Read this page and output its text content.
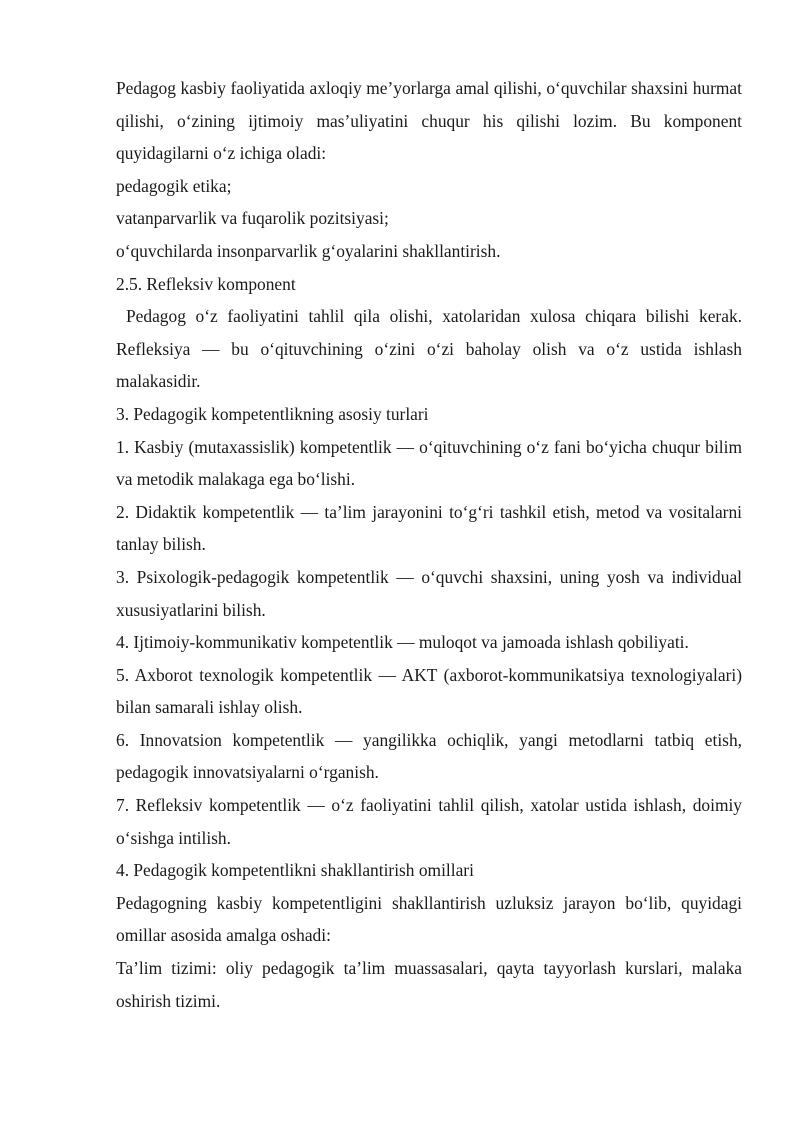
Pedagog kasbiy faoliyatida axloqiy me’yorlarga amal qilishi, o‘quvchilar shaxsini hurmat qilishi, o‘zining ijtimoiy mas’uliyatini chuqur his qilishi lozim. Bu komponent quyidagilarni o‘z ichiga oladi:

pedagogik etika;

vatanparvarlik va fuqarolik pozitsiyasi;

o‘quvchilarda insonparvarlik g‘oyalarini shakllantirish.

2.5. Refleksiv komponent

Pedagog o‘z faoliyatini tahlil qila olishi, xatolaridan xulosa chiqara bilishi kerak. Refleksiya — bu o‘qituvchining o‘zini o‘zi baholay olish va o‘z ustida ishlash malakasidir.

3. Pedagogik kompetentlikning asosiy turlari

1. Kasbiy (mutaxassislik) kompetentlik — o‘qituvchining o‘z fani bo‘yicha chuqur bilim va metodik malakaga ega bo‘lishi.

2. Didaktik kompetentlik — ta’lim jarayonini to‘g‘ri tashkil etish, metod va vositalarni tanlay bilish.

3. Psixologik-pedagogik kompetentlik — o‘quvchi shaxsini, uning yosh va individual xususiyatlarini bilish.

4. Ijtimoiy-kommunikativ kompetentlik — muloqot va jamoada ishlash qobiliyati.

5. Axborot texnologik kompetentlik — AKT (axborot-kommunikatsiya texnologiyalari) bilan samarali ishlay olish.

6. Innovatsion kompetentlik — yangilikka ochiqlik, yangi metodlarni tatbiq etish, pedagogik innovatsiyalarni o‘rganish.

7. Refleksiv kompetentlik — o‘z faoliyatini tahlil qilish, xatolar ustida ishlash, doimiy o‘sishga intilish.

4. Pedagogik kompetentlikni shakllantirish omillari

Pedagogning kasbiy kompetentligini shakllantirish uzluksiz jarayon bo‘lib, quyidagi omillar asosida amalga oshadi:

Ta’lim tizimi: oliy pedagogik ta’lim muassasalari, qayta tayyorlash kurslari, malaka oshirish tizimi.
